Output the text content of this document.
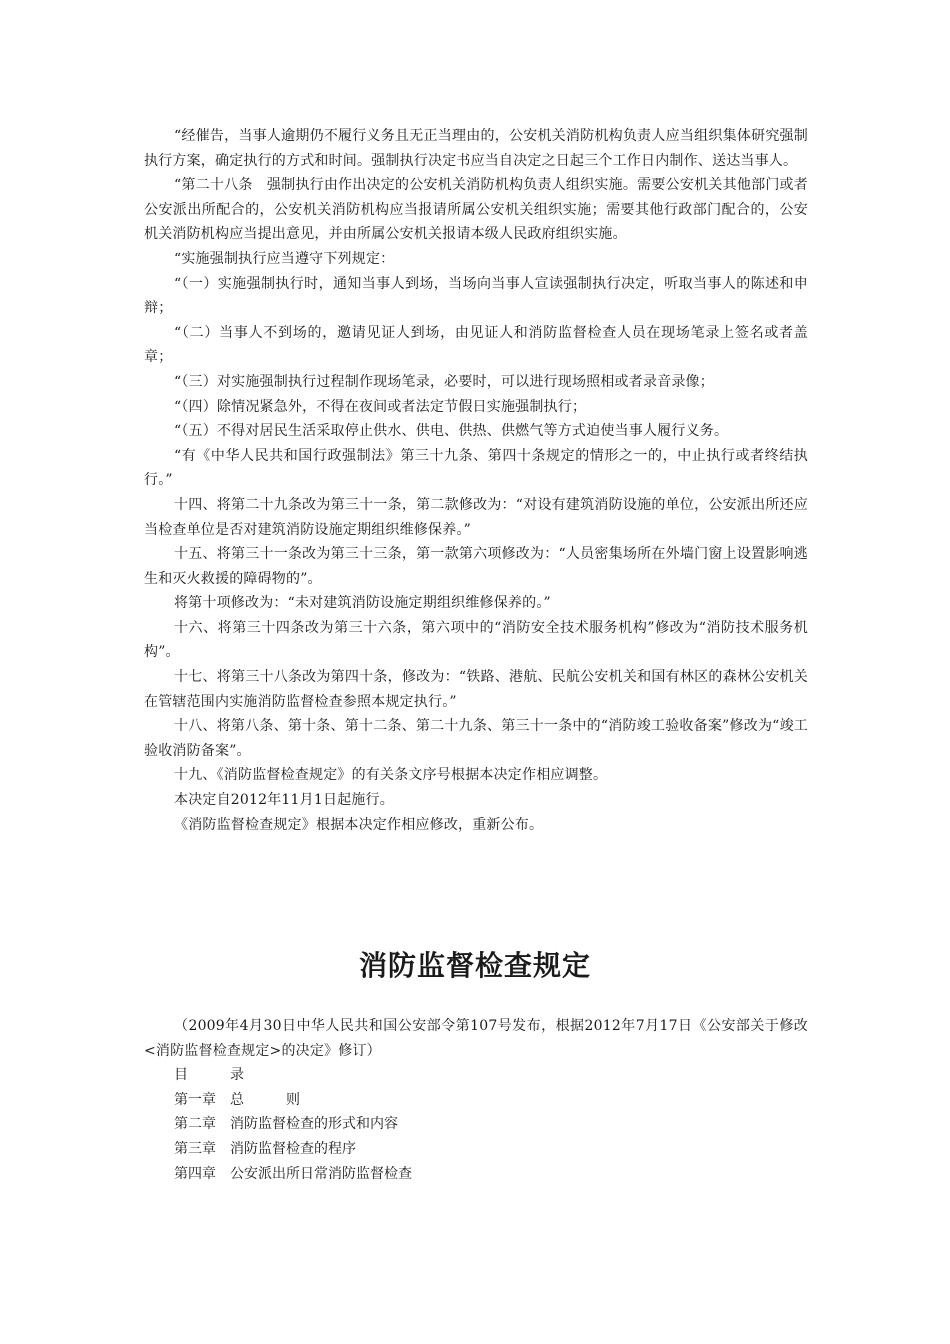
“经催告，当事人逾期仍不履行义务且无正当理由的，公安机关消防机构负责人应当组织集体研究强制执行方案，确定执行的方式和时间。强制执行决定书应当自决定之日起三个工作日内制作、送达当事人。

“第二十八条　强制执行由作出决定的公安机关消防机构负责人组织实施。需要公安机关其他部门或者公安派出所配合的，公安机关消防机构应当报请所属公安机关组织实施；需要其他行政部门配合的，公安机关消防机构应当提出意见，并由所属公安机关报请本级人民政府组织实施。

“实施强制执行应当遵守下列规定：

“（一）实施强制执行时，通知当事人到场，当场向当事人宣读强制执行决定，听取当事人的陈述和申辩；

“（二）当事人不到场的，邀请见证人到场，由见证人和消防监督检查人员在现场笔录上签名或者盖章；

“（三）对实施强制执行过程制作现场笔录，必要时，可以进行现场照相或者录音录像；

“（四）除情况紧急外，不得在夜间或者法定节假日实施强制执行；

“（五）不得对居民生活采取停止供水、供电、供热、供燃气等方式迫使当事人履行义务。

“有《中华人民共和国行政强制法》第三十九条、第四十条规定的情形之一的，中止执行或者终结执行。”

十四、将第二十九条改为第三十一条，第二款修改为：“对设有建筑消防设施的单位，公安派出所还应当检查单位是否对建筑消防设施定期组织维修保养。”

十五、将第三十一条改为第三十三条，第一款第六项修改为：“人员密集场所在外墙门窗上设置影响逃生和灭火救援的障碍物的”。

将第十项修改为：“未对建筑消防设施定期组织维修保养的。”

十六、将第三十四条改为第三十六条，第六项中的“消防安全技术服务机构”修改为“消防技术服务机构”。

十七、将第三十八条改为第四十条，修改为：“铁路、港航、民航公安机关和国有林区的森林公安机关在管辖范围内实施消防监督检查参照本规定执行。”

十八、将第八条、第十条、第十二条、第二十九条、第三十一条中的“消防竣工验收备案”修改为“竣工验收消防备案”。

十九、《消防监督检查规定》的有关条文序号根据本决定作相应调整。

本决定自2012年11月1日起施行。

《消防监督检查规定》根据本决定作相应修改，重新公布。

消防监督检查规定

（2009年4月30日中华人民共和国公安部令第107号发布，根据2012年7月17日《公安部关于修改<消防监督检查规定>的决定》修订）

目	录

第一章 总	则

第二章 消防监督检查的形式和内容

第三章 消防监督检查的程序

第四章 公安派出所日常消防监督检查
